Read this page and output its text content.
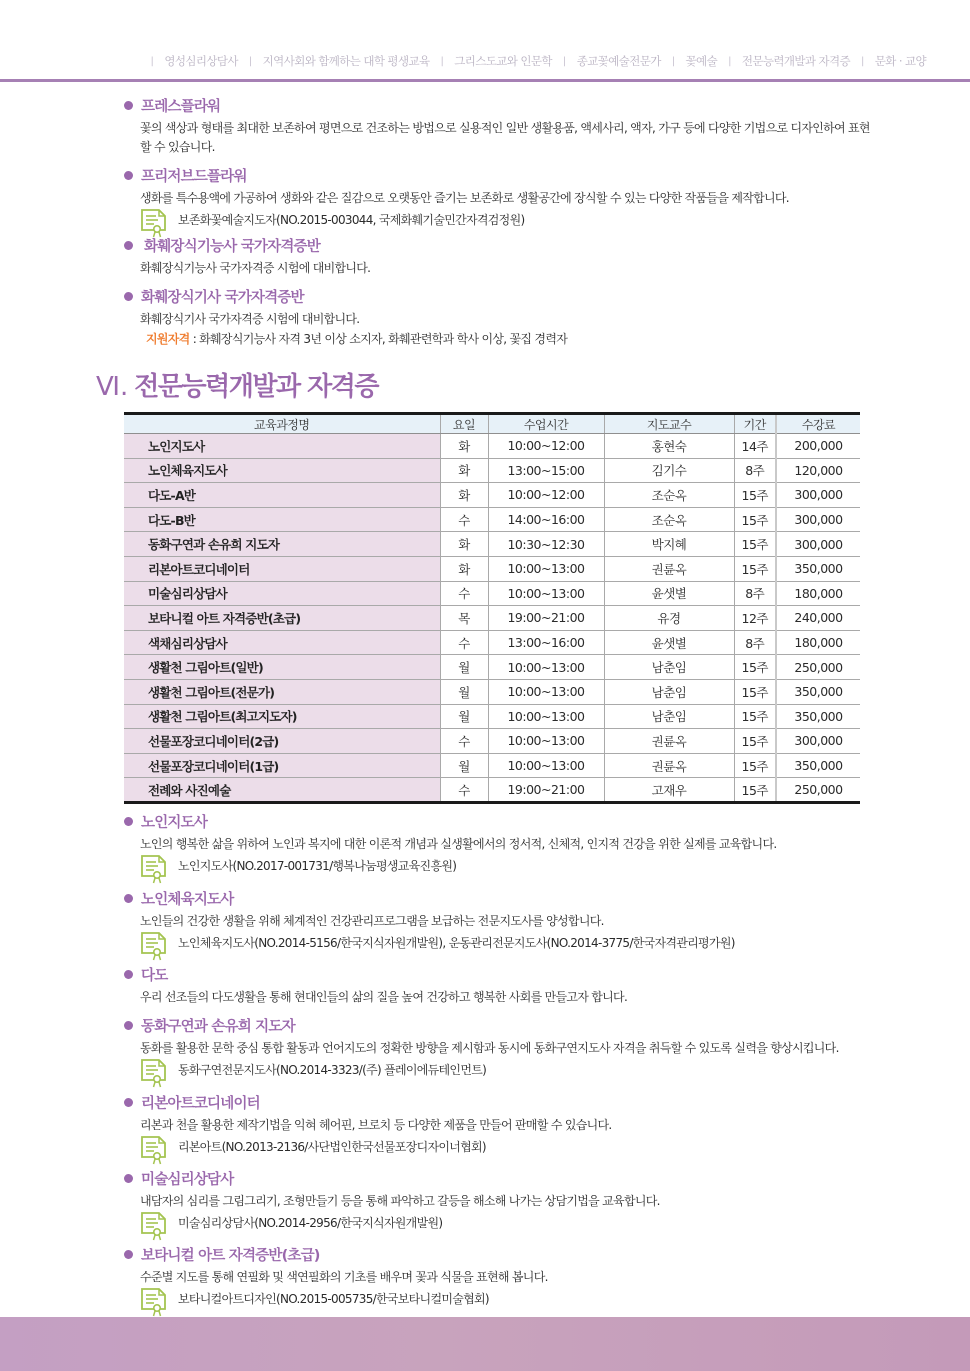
| 영성심리상담사 | 지역사회와 함께하는 대학 평생교육 | 그리스도교와 인문학 | 종교꽃예술전문가 | 꽃예술 | 전문능력개발과 자격증 | 문화 · 교양
프레스플라워
꽃의 색상과 형태를 최대한 보존하여 평면으로 건조하는 방법으로 실용적인 일반 생활용품, 액세사리, 액자, 가구 등에 다양한 기법으로 디자인하여 표현할 수 있습니다.
프리저브드플라워
생화를 특수용액에 가공하여 생화와 같은 질감으로 오랫동안 즐기는 보존화로 생활공간에 장식할 수 있는 다양한 작품들을 제작합니다.
보존화꽃예술지도자(NO.2015-003044, 국제화훼기술민간자격검정원)
화훼장식기능사 국가자격증반
화훼장식기능사 국가자격증 시험에 대비합니다.
화훼장식기사 국가자격증반
화훼장식기사 국가자격증 시험에 대비합니다.
지원자격 : 화훼장식기능사 자격 3년 이상 소지자, 화훼관련학과 학사 이상, 꽃집 경력자
Ⅵ. 전문능력개발과 자격증
교육과정명	요일	수업시간	지도교수	기간	수강료
노인지도사	화	10:00~12:00	홍현숙	14주	200,000
노인체육지도사	화	13:00~15:00	김기수	8주	120,000
다도-A반	화	10:00~12:00	조순옥	15주	300,000
다도-B반	수	14:00~16:00	조순옥	15주	300,000
동화구연과 손유희 지도자	화	10:30~12:30	박지혜	15주	300,000
리본아트코디네이터	화	10:00~13:00	권륜옥	15주	350,000
미술심리상담사	수	10:00~13:00	윤샛별	8주	180,000
보타니컬 아트 자격증반(초급)	목	19:00~21:00	유경	12주	240,000
색채심리상담사	수	13:00~16:00	윤샛별	8주	180,000
생활천 그림아트(일반)	월	10:00~13:00	남춘임	15주	250,000
생활천 그림아트(전문가)	월	10:00~13:00	남춘임	15주	350,000
생활천 그림아트(최고지도자)	월	10:00~13:00	남춘임	15주	350,000
선물포장코디네이터(2급)	수	10:00~13:00	권륜옥	15주	300,000
선물포장코디네이터(1급)	월	10:00~13:00	권륜옥	15주	350,000
전례와 사진예술	수	19:00~21:00	고재우	15주	250,000
노인지도사
노인의 행복한 삶을 위하여 노인과 복지에 대한 이론적 개념과 실생활에서의 정서적, 신체적, 인지적 건강을 위한 실제를 교육합니다.
노인지도사(NO.2017-001731/행복나눔평생교육진흥원)
노인체육지도사
노인들의 건강한 생활을 위해 체계적인 건강관리프로그램을 보급하는 전문지도사를 양성합니다.
노인체육지도사(NO.2014-5156/한국지식자원개발원), 운동관리전문지도사(NO.2014-3775/한국자격관리평가원)
다도
우리 선조들의 다도생활을 통해 현대인들의 삶의 질을 높여 건강하고 행복한 사회를 만들고자 합니다.
동화구연과 손유희 지도자
동화를 활용한 문학 중심 통합 활동과 언어지도의 정확한 방향을 제시함과 동시에 동화구연지도사 자격을 취득할 수 있도록 실력을 향상시킵니다.
동화구연전문지도사(NO.2014-3323/(주) 플레이에듀테인먼트)
리본아트코디네이터
리본과 천을 활용한 제작기법을 익혀 헤어핀, 브로치 등 다양한 제품을 만들어 판매할 수 있습니다.
리본아트(NO.2013-2136/사단법인한국선물포장디자이너협회)
미술심리상담사
내담자의 심리를 그림그리기, 조형만들기 등을 통해 파악하고 갈등을 해소해 나가는 상담기법을 교육합니다.
미술심리상담사(NO.2014-2956/한국지식자원개발원)
보타니컬 아트 자격증반(초급)
수준별 지도를 통해 연필화 및 색연필화의 기초를 배우며 꽃과 식물을 표현해 봅니다.
보타니컬아트디자인(NO.2015-005735/한국보타니컬미술협회)
